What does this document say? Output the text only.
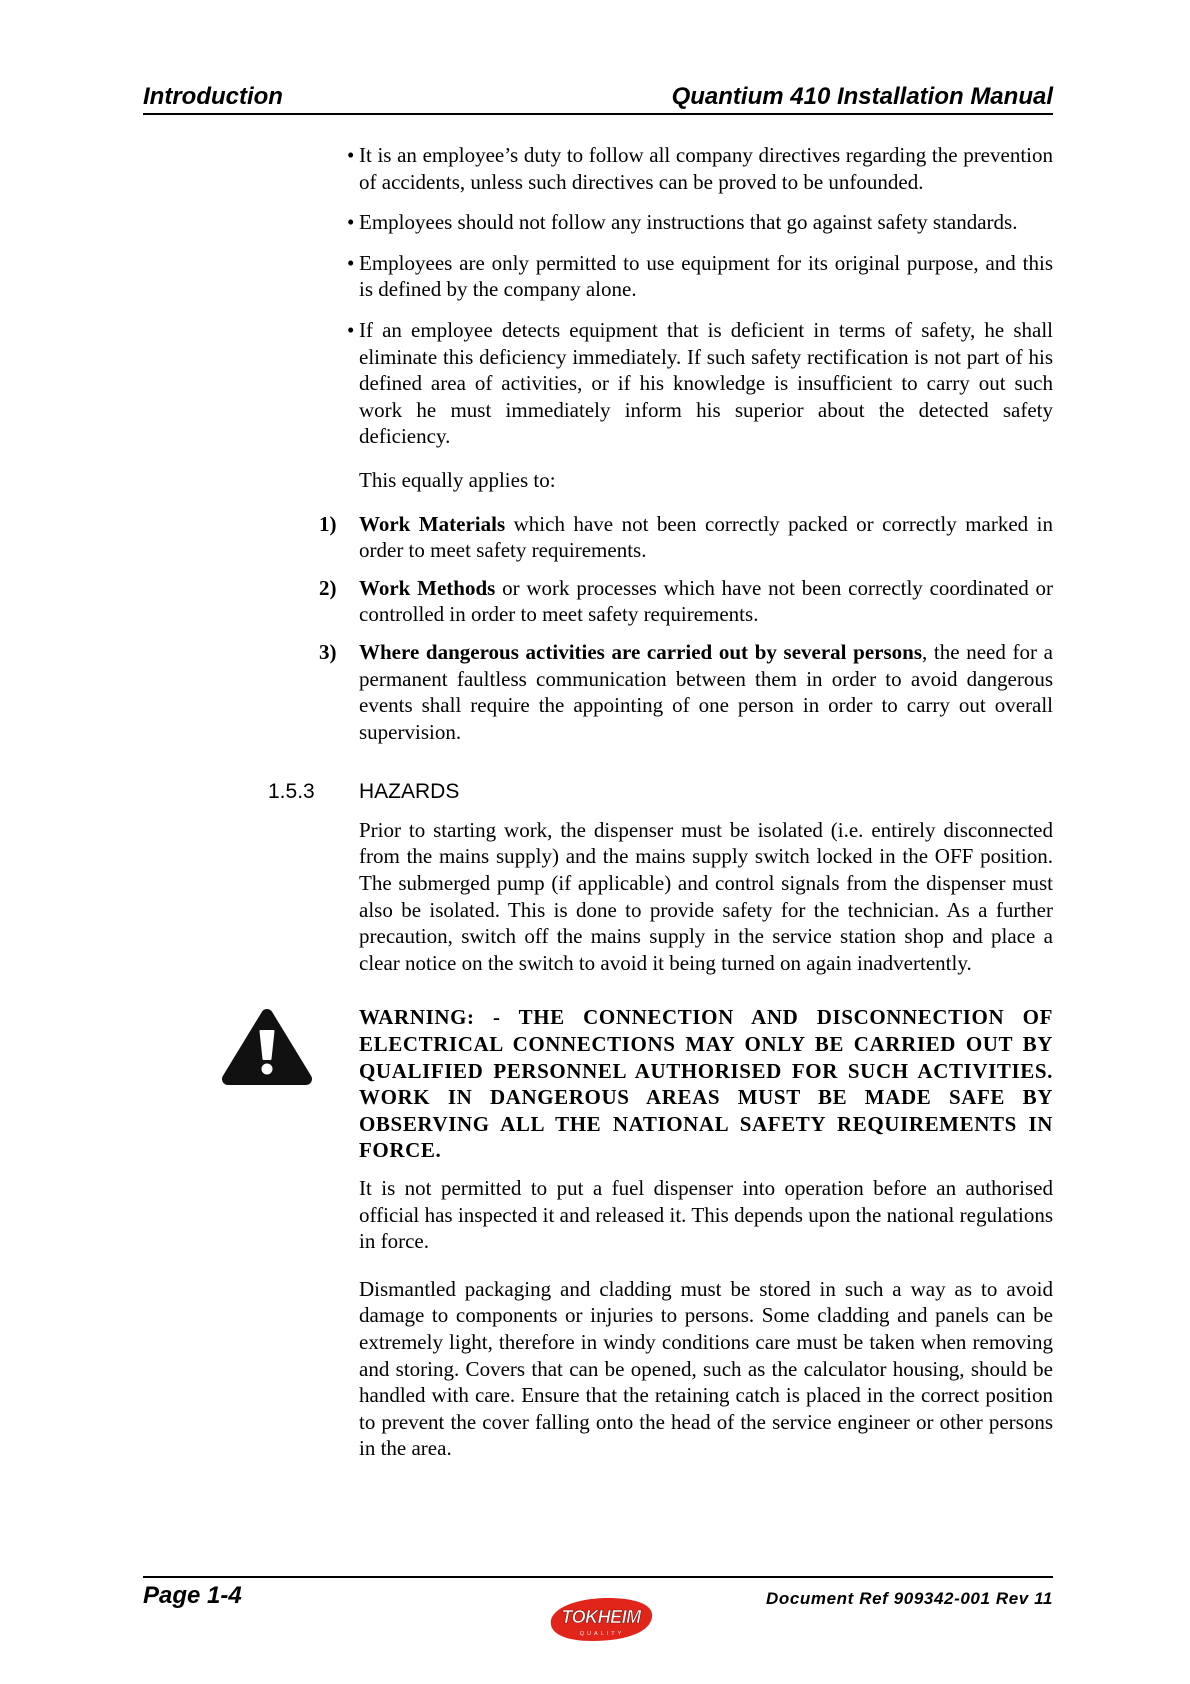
Introduction	Quantium 410 Installation Manual

• It is an employee’s duty to follow all company directives regarding the prevention of accidents, unless such directives can be proved to be unfounded.

• Employees should not follow any instructions that go against safety standards.

• Employees are only permitted to use equipment for its original purpose, and this is defined by the company alone.

• If an employee detects equipment that is deficient in terms of safety, he shall eliminate this deficiency immediately. If such safety rectification is not part of his defined area of activities, or if his knowledge is insufficient to carry out such work he must immediately inform his superior about the detected safety deficiency.

This equally applies to:

1) Work Materials which have not been correctly packed or correctly marked in order to meet safety requirements.

2) Work Methods or work processes which have not been correctly coordinated or controlled in order to meet safety requirements.

3) Where dangerous activities are carried out by several persons, the need for a permanent faultless communication between them in order to avoid dangerous events shall require the appointing of one person in order to carry out overall supervision.

1.5.3 HAZARDS

Prior to starting work, the dispenser must be isolated (i.e. entirely disconnected from the mains supply) and the mains supply switch locked in the OFF position. The submerged pump (if applicable) and control signals from the dispenser must also be isolated. This is done to provide safety for the technician. As a further precaution, switch off the mains supply in the service station shop and place a clear notice on the switch to avoid it being turned on again inadvertently.

WARNING: - THE CONNECTION AND DISCONNECTION OF ELECTRICAL CONNECTIONS MAY ONLY BE CARRIED OUT BY QUALIFIED PERSONNEL AUTHORISED FOR SUCH ACTIVITIES. WORK IN DANGEROUS AREAS MUST BE MADE SAFE BY OBSERVING ALL THE NATIONAL SAFETY REQUIREMENTS IN FORCE.

It is not permitted to put a fuel dispenser into operation before an authorised official has inspected it and released it. This depends upon the national regulations in force.

Dismantled packaging and cladding must be stored in such a way as to avoid damage to components or injuries to persons. Some cladding and panels can be extremely light, therefore in windy conditions care must be taken when removing and storing. Covers that can be opened, such as the calculator housing, should be handled with care. Ensure that the retaining catch is placed in the correct position to prevent the cover falling onto the head of the service engineer or other persons in the area.

Page 1-4	Document Ref 909342-001 Rev 11
TOKHEIM
QUALITY
